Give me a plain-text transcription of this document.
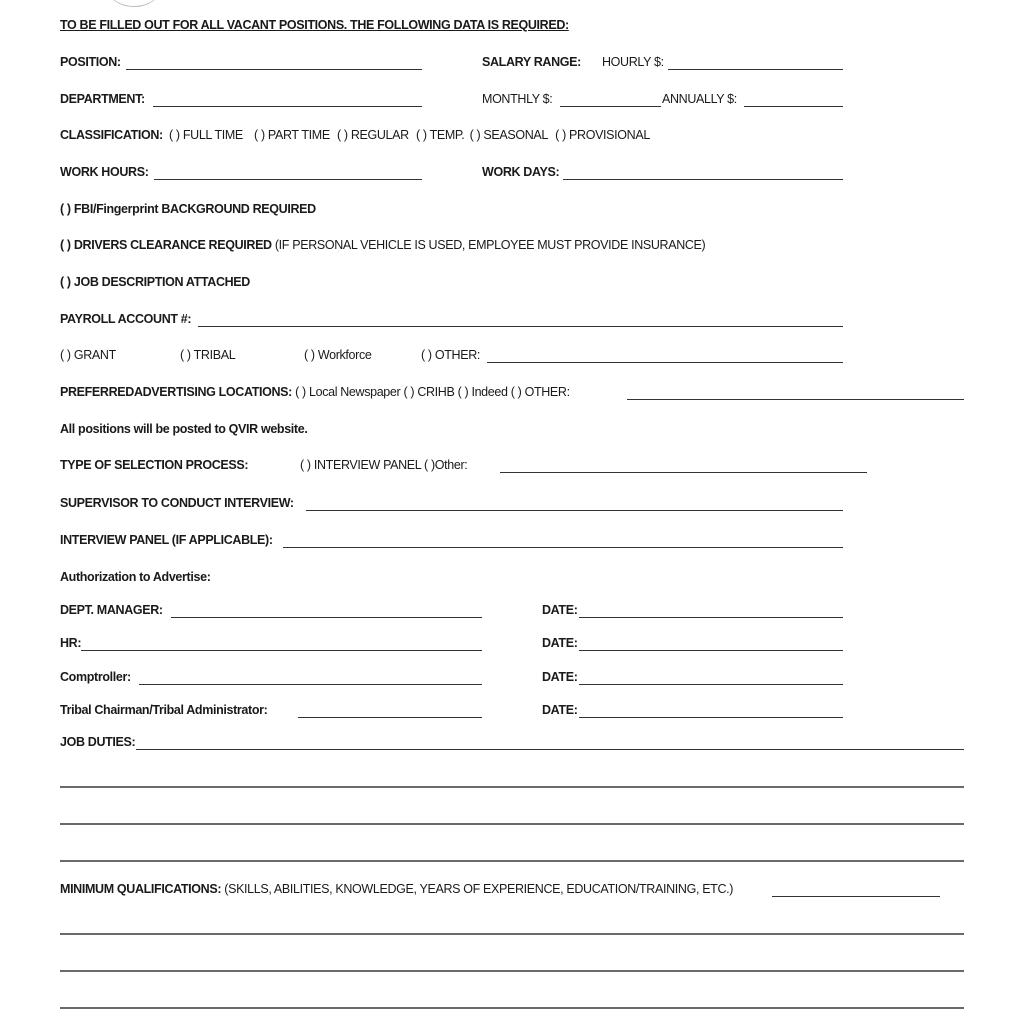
TO BE FILLED OUT FOR ALL VACANT POSITIONS. THE FOLLOWING DATA IS REQUIRED:
POSITION:	SALARY RANGE: HOURLY $:
DEPARTMENT:	MONTHLY $:	ANNUALLY $:
CLASSIFICATION: ( ) FULL TIME ( ) PART TIME ( ) REGULAR ( ) TEMP. ( ) SEASONAL ( ) PROVISIONAL
WORK HOURS:	WORK DAYS:
( ) FBI/Fingerprint BACKGROUND REQUIRED
( ) DRIVERS CLEARANCE REQUIRED (IF PERSONAL VEHICLE IS USED, EMPLOYEE MUST PROVIDE INSURANCE)
( ) JOB DESCRIPTION ATTACHED
PAYROLL ACCOUNT #:
( ) GRANT	( ) TRIBAL	( ) Workforce	( ) OTHER:
PREFERREDADVERTISING LOCATIONS: ( ) Local Newspaper ( ) CRIHB ( ) Indeed ( ) OTHER:
All positions will be posted to QVIR website.
TYPE OF SELECTION PROCESS:	( ) INTERVIEW PANEL ( )Other:
SUPERVISOR TO CONDUCT INTERVIEW:
INTERVIEW PANEL (IF APPLICABLE):
Authorization to Advertise:
DEPT. MANAGER:	DATE:
HR:	DATE:
Comptroller:	DATE:
Tribal Chairman/Tribal Administrator:	DATE:
JOB DUTIES:
MINIMUM QUALIFICATIONS: (SKILLS, ABILITIES, KNOWLEDGE, YEARS OF EXPERIENCE, EDUCATION/TRAINING, ETC.)
